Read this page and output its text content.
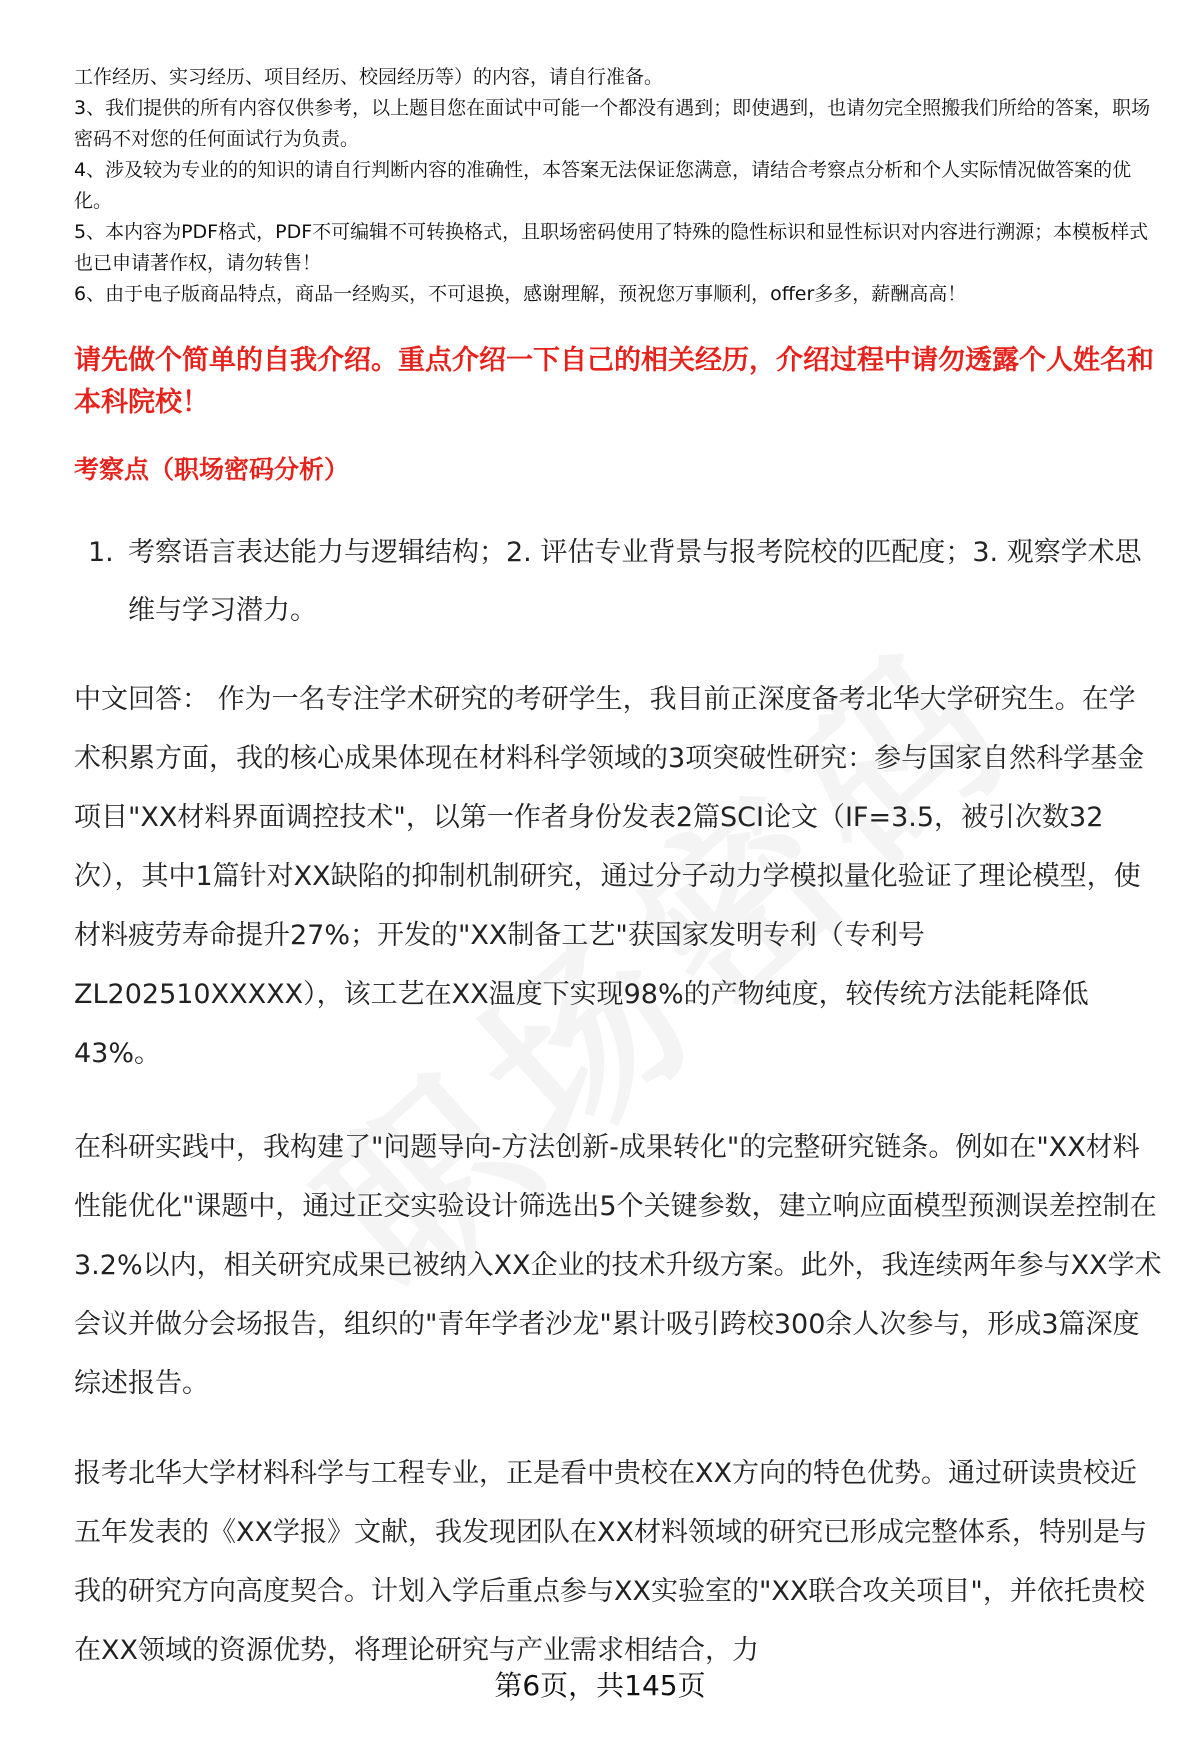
工作经历、实习经历、项目经历、校园经历等）的内容，请自行准备。

3、我们提供的所有内容仅供参考，以上题目您在面试中可能一个都没有遇到；即使遇到，也请勿完全照搬我们所给的答案，职场密码不对您的任何面试行为负责。

4、涉及较为专业的的知识的请自行判断内容的准确性，本答案无法保证您满意，请结合考察点分析和个人实际情况做答案的优化。

5、本内容为PDF格式，PDF不可编辑不可转换格式，且职场密码使用了特殊的隐性标识和显性标识对内容进行溯源；本模板样式也已申请著作权，请勿转售！

6、由于电子版商品特点，商品一经购买，不可退换，感谢理解，预祝您万事顺利，offer多多，薪酬高高！

请先做个简单的自我介绍。重点介绍一下自己的相关经历，介绍过程中请勿透露个人姓名和本科院校！
考察点（职场密码分析）
1. 考察语言表达能力与逻辑结构；2. 评估专业背景与报考院校的匹配度；3. 观察学术思维与学习潜力。

中文回答： 作为一名专注学术研究的考研学生，我目前正深度备考北华大学研究生。在学术积累方面，我的核心成果体现在材料科学领域的3项突破性研究：参与国家自然科学基金项目"XX材料界面调控技术"，以第一作者身份发表2篇SCI论文（IF=3.5，被引次数32次），其中1篇针对XX缺陷的抑制机制研究，通过分子动力学模拟量化验证了理论模型，使材料疲劳寿命提升27%；开发的"XX制备工艺"获国家发明专利（专利号ZL202510XXXXX），该工艺在XX温度下实现98%的产物纯度，较传统方法能耗降低43%。

在科研实践中，我构建了"问题导向-方法创新-成果转化"的完整研究链条。例如在"XX材料性能优化"课题中，通过正交实验设计筛选出5个关键参数，建立响应面模型预测误差控制在3.2%以内，相关研究成果已被纳入XX企业的技术升级方案。此外，我连续两年参与XX学术会议并做分会场报告，组织的"青年学者沙龙"累计吸引跨校300余人次参与，形成3篇深度综述报告。

报考北华大学材料科学与工程专业，正是看中贵校在XX方向的特色优势。通过研读贵校近五年发表的《XX学报》文献，我发现团队在XX材料领域的研究已形成完整体系，特别是与我的研究方向高度契合。计划入学后重点参与XX实验室的"XX联合攻关项目"，并依托贵校在XX领域的资源优势，将理论研究与产业需求相结合，力

第6页，共145页
